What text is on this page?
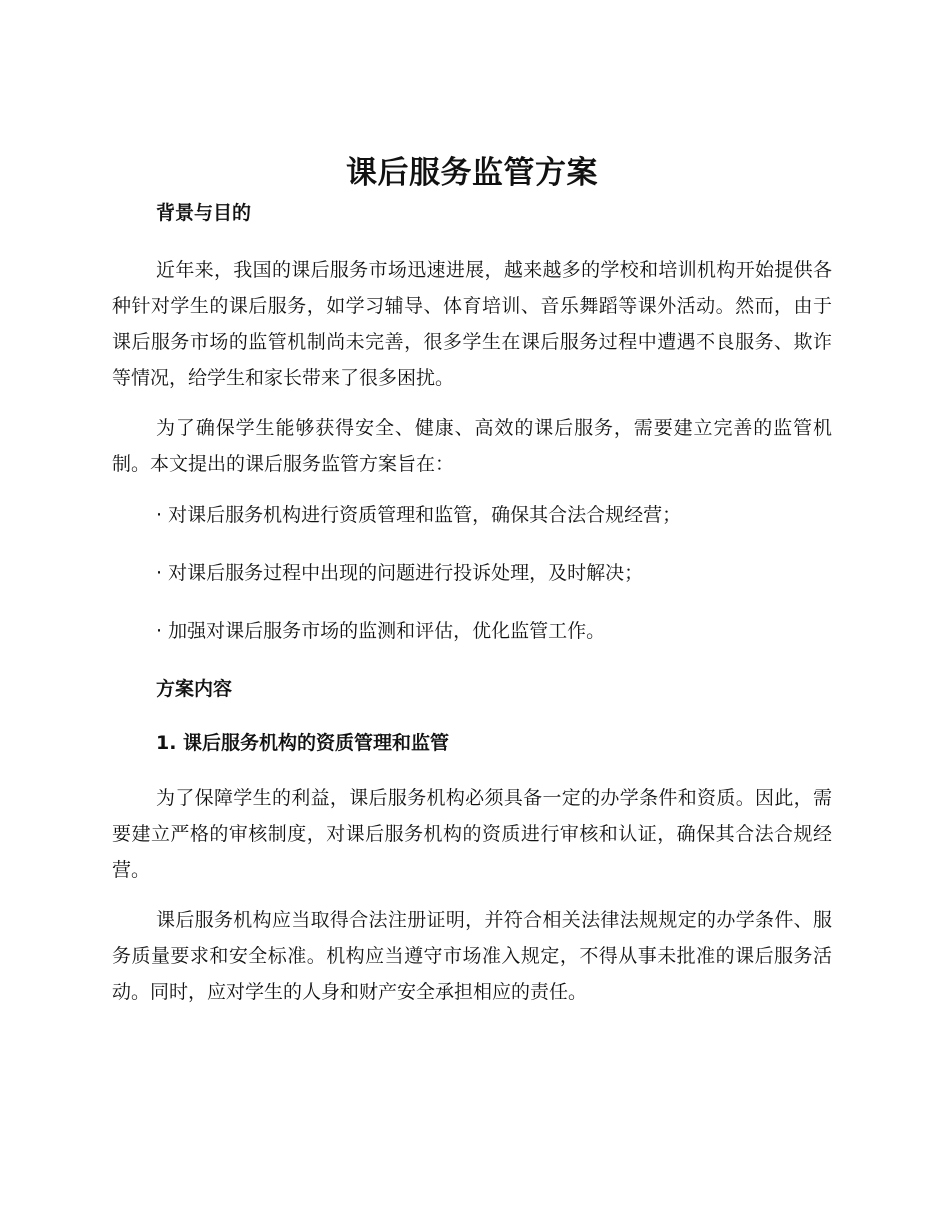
课后服务监管方案
背景与目的

近年来，我国的课后服务市场迅速进展，越来越多的学校和培训机构开始提供各种针对学生的课后服务，如学习辅导、体育培训、音乐舞蹈等课外活动。然而，由于课后服务市场的监管机制尚未完善，很多学生在课后服务过程中遭遇不良服务、欺诈等情况，给学生和家长带来了很多困扰。

为了确保学生能够获得安全、健康、高效的课后服务，需要建立完善的监管机制。本文提出的课后服务监管方案旨在：

· 对课后服务机构进行资质管理和监管，确保其合法合规经营；
· 对课后服务过程中出现的问题进行投诉处理，及时解决；
· 加强对课后服务市场的监测和评估，优化监管工作。
方案内容
1. 课后服务机构的资质管理和监管

为了保障学生的利益，课后服务机构必须具备一定的办学条件和资质。因此，需要建立严格的审核制度，对课后服务机构的资质进行审核和认证，确保其合法合规经营。

课后服务机构应当取得合法注册证明，并符合相关法律法规规定的办学条件、服务质量要求和安全标准。机构应当遵守市场准入规定，不得从事未批准的课后服务活动。同时，应对学生的人身和财产安全承担相应的责任。
